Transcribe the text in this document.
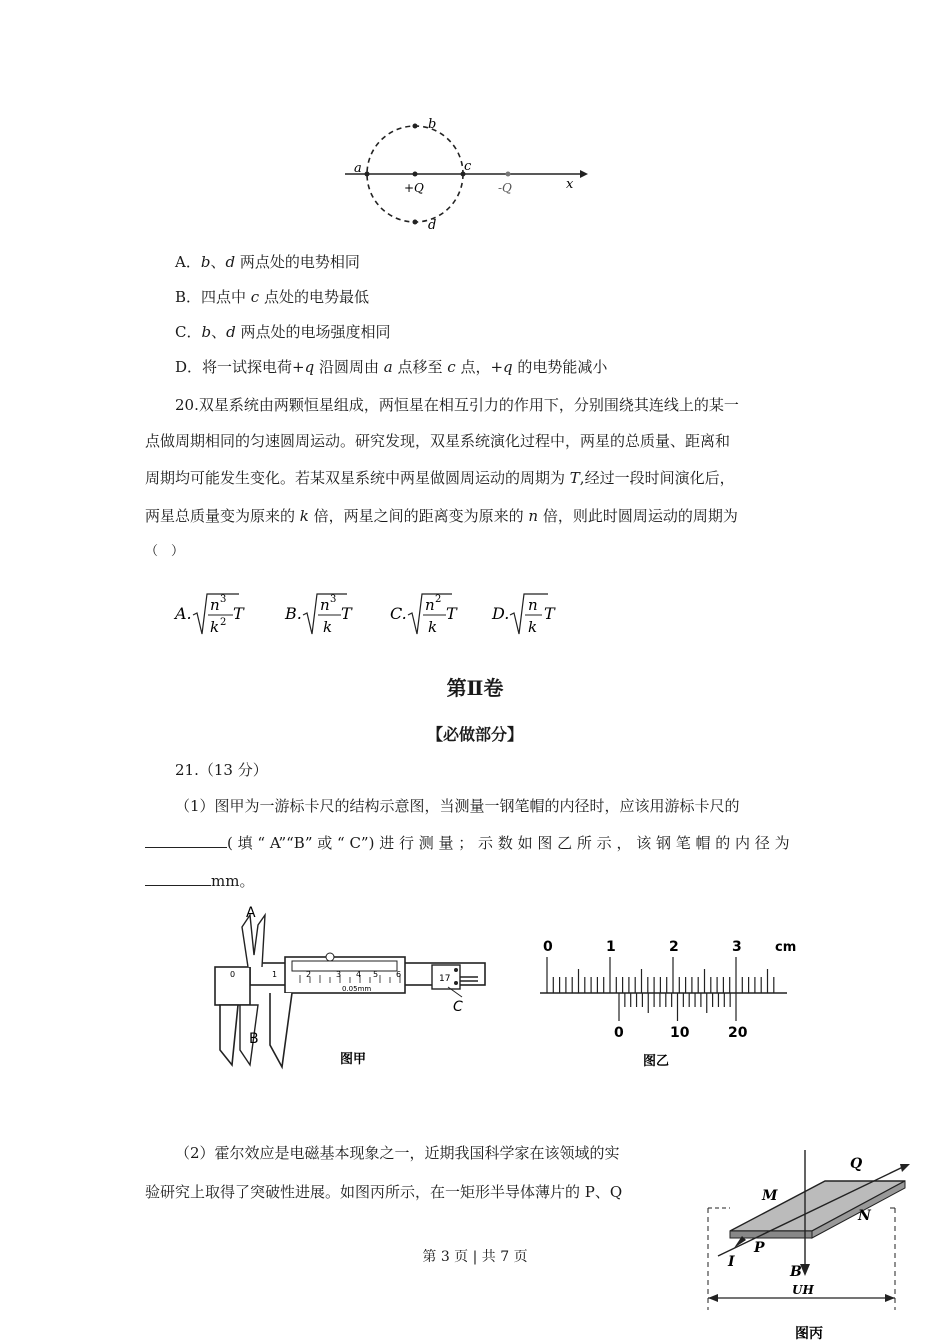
a
b
c
d
+Q	-Q	x
A．b、d 两点处的电势相同
B．四点中 c 点处的电势最低
C．b、d 两点处的电场强度相同
D．将一试探电荷+q 沿圆周由 a 点移至 c 点，+q 的电势能减小
20.双星系统由两颗恒星组成，两恒星在相互引力的作用下，分别围绕其连线上的某一
点做周期相同的匀速圆周运动。研究发现，双星系统演化过程中，两星的总质量、距离和
周期均可能发生变化。若某双星系统中两星做圆周运动的周期为 T,经过一段时间演化后，
两星总质量变为原来的 k 倍，两星之间的距离变为原来的 n 倍，则此时圆周运动的周期为
（　）
A. n 3
k 2 T	B. n 3
k
T C. n 2
k
T D. n
k
T
第Ⅱ卷
【必做部分】
21.（13 分）
（1）图甲为一游标卡尺的结构示意图，当测量一钢笔帽的内径时，应该用游标卡尺的
( 填 “ A”“B” 或 “ C”) 进 行 测 量 ； 示 数 如 图 乙 所 示 ， 该 钢 笔 帽 的 内 径 为
mm。
0	1	2	3 4 5 6
0.05mm
17
A
B
C
图甲
0	1	2	3	cm
0	10	20
图乙
（2）霍尔效应是电磁基本现象之一，近期我国科学家在该领域的实
验研究上取得了突破性进展。如图丙所示，在一矩形半导体薄片的 P、Q
Q
M
N
P
I
B
UH
图丙
第 3 页 | 共 7 页
